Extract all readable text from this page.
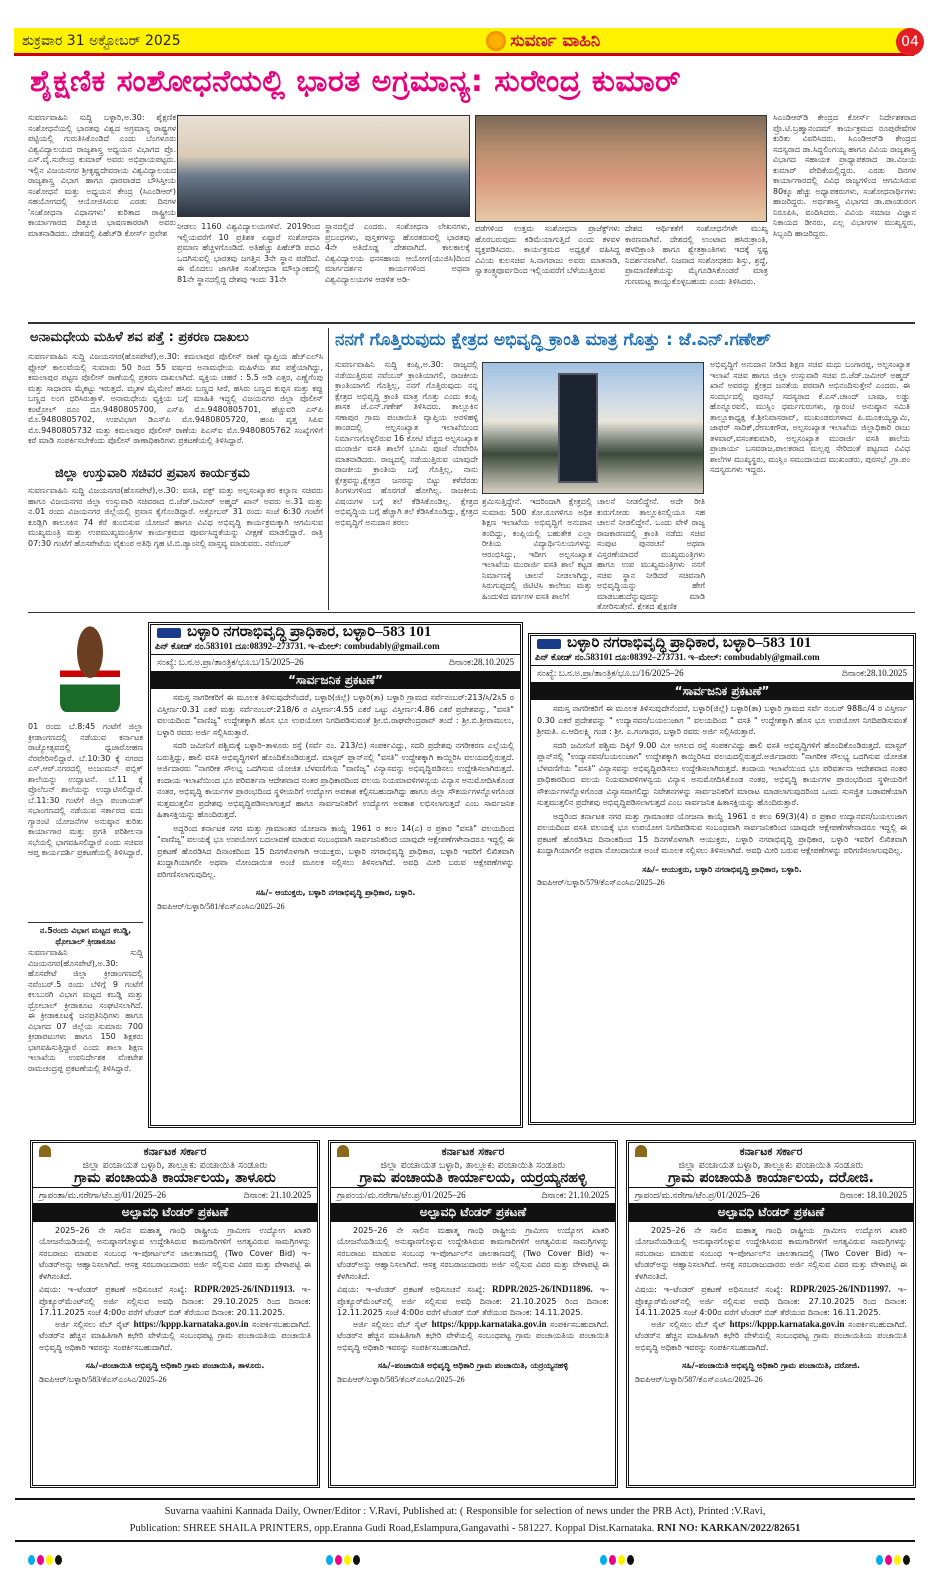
ಶುಕ್ರವಾರ 31 ಅಕ್ಟೋಬರ್ 2025	ಸುವರ್ಣ ವಾಹಿನಿ	04
ಶೈಕ್ಷಣಿಕ ಸಂಶೋಧನೆಯಲ್ಲಿ ಭಾರತ ಅಗ್ರಮಾನ್ಯ: ಸುರೇಂದ್ರ ಕುಮಾರ್
ಸುವರ್ಣವಾಹಿನಿ ಸುದ್ದಿ ಬಳ್ಳಾರಿ,ಅ.30: ಶೈಕ್ಷಣಿಕ ಸಂಶೋಧನೆಯಲ್ಲಿ ಭಾರತವು ವಿಶ್ವದ ಅಗ್ರಮಾನ್ಯ ರಾಷ್ಟ್ರಗಳ ಪಟ್ಟಿಯಲ್ಲಿ ಗುರುತಿಸಿಕೊಂಡಿದೆ ಎಂದು ಬೆಂಗಳೂರು ವಿಶ್ವವಿದ್ಯಾಲಯದ ರಾಜ್ಯಶಾಸ್ತ್ರ ಅಧ್ಯಯನ ವಿಭಾಗದ ಪ್ರೊ. ಎಸ್.ವೈ.ಸುರೇಂದ್ರ ಕುಮಾರ್ ಅವರು ಅಭಿಪ್ರಾಯಪಟ್ಟರು. ಇಲ್ಲಿನ ವಿಜಯನಗರ ಶ್ರೀಕೃಷ್ಣದೇವರಾಯ ವಿಶ್ವವಿದ್ಯಾಲಯದ ರಾಜ್ಯಶಾಸ್ತ್ರ ವಿಭಾಗ ಹಾಗೂ ಧಾರವಾಡದ ಬೌಸಿಸ್ತೀಯ ಸಂಶೋಧನೆ ಮತ್ತು ಅಧ್ಯಯನ ಕೇಂದ್ರ (ಸಿಎಂಡಿಆರ್) ಸಹಯೋಗದಲ್ಲಿ ಆಯೋಜಿಸಿರುವ ಎರಡು ದಿನಗಳ 'ಸಂಶೋಧನಾ ವಿಧಾನಗಳು' ಕುರಿತಾದ ರಾಷ್ಟ್ರೀಯ ಕಾರ್ಯಾಗಾರದ ದಿಕ್ಸೂಚಿ ಭಾಷಣಕಾರರಾಗಿ ಅವರು ಮಾತನಾಡಿದರು. ದೇಶದಲ್ಲಿ ಪಿಹೆಚ್‌ಡಿ ಕೋರ್ಸ್ ಪ್ರವೇಶ
ನೀಡಲು 1160 ವಿಶ್ವವಿದ್ಯಾಲಯಗಳಿವೆ. 2019ರಿಂದ ಇಲ್ಲಿಯವರೆಗೆ 10 ಪ್ರತಿಶತ ಏಷ್ಟಾರೆ ಸಂಶೋಧನಾ ಪ್ರಮಾಣ ಹೆಚ್ಚಳಗೊಂಡಿದೆ. ಅತಿಹೆಚ್ಚು ಪಿಹೆಚ್‌ಡಿ ಪದವಿ ಒದಗಿಸುವಲ್ಲಿ ಭಾರತವು ಜಗತ್ತಿನ 3ನೇ ಸ್ಥಾನ ಪಡೆದಿದೆ. ಈ ಮೊದಲು ಜಾಗತಿಕ ಸಂಶೋಧನಾ ಮೌಲ್ಯಾಂಕದಲ್ಲಿ 81ನೇ ಸ್ಥಾನದಲ್ಲಿದ್ದ ದೇಶವು ಇಂದು 31ನೇ
ಸ್ಥಾನದಲ್ಲಿದೆ ಎಂದರು. ಸಂಶೋಧನಾ ಲೇಖನಗಳು, ಪ್ರಬಂಧಗಳು, ಪುಸ್ತಕಗಳನ್ನು ಹೊರತರುವಲ್ಲಿ ಭಾರತವು 4ನೇ ಅತಿದೊಡ್ಡ ದೇಶವಾಗಿದೆ. ಕಾಲಕಾಲಕ್ಕೆ ವಿಶ್ವವಿದ್ಯಾಲಯ ಧನಸಹಾಯ ಆಯೋಗ(ಯುಜಿಸಿ)ದಿಂದ ಮಾರ್ಗದರ್ಶನ ಕಾರ್ಯಗಳಿಂದ ಅಥವಾ ವಿಶ್ವವಿದ್ಯಾಲಯಗಳ ಆಡಳಿತ ಅಡಿ-
ಪಡೆಗಳಿಂದ ಉತ್ತಮ ಸಂಶೋಧನಾ ಪ್ರಾಜೆಕ್ಟ್‌ಗಳು ಹೊರಬರುವುದು ಕಡಿಮೆಯಾಗುತ್ತಿದೆ ಎಂದು ಕಳವಳ ವ್ಯಕ್ತಪಡಿಸಿದರು. ಕಾರ್ಯಕ್ರಮದ ಅಧ್ಯಕ್ಷತೆ ವಹಿಸಿದ್ದ ವಿವಿಯ ಕುಲಸಚಿವ ಸಿ.ನಾಗರಾಜು ಅವರು ಮಾತನಾಡಿ, ಸ್ವಾತಂತ್ರ್ಯಪೂರ್ವದಿಂದ ಇಲ್ಲಿಯವರೆಗೆ ಬೆಳೆಯುತ್ತಿರುವ
ದೇಶದ ಆರ್ಥಿಕತೆಗೆ ಸಂಶೋಧನೆಗಳೇ ಮುಖ್ಯ ಕಾರಣವಾಗಿವೆ. ದೇಶದಲ್ಲಿ ಉಂಟಾದ ಹಸಿರುಕ್ರಾಂತಿ, ಹಳದಿಕ್ರಾಂತಿ ಹಾಗೂ ಶ್ವೇತಕ್ರಾಂತಿಗಳು ಇದಕ್ಕೆ ಸ್ಪಷ್ಟ ನಿದರ್ಶನವಾಗಿವೆ. ನಿಜವಾದ ಸಂಶೋಧಕರು ಶಿಸ್ತು, ಶ್ರದ್ಧೆ, ಪ್ರಾಮಾಣಿಕತೆಯನ್ನು ಮೈಗೂಡಿಸಿಕೊಂಡರೆ ಮಾತ್ರ ಗುಣಮಟ್ಟ ಕಾಯ್ದುಕೊಳ್ಳಬಹುದು ಎಂದು ತಿಳಿಸಿದರು.
ಸಿಎಂಡಿಆರ್‌ಡಿ ಕೇಂದ್ರದ ಕೋರ್ಸ್ ನಿರ್ದೇಶಕರಾದ ಪ್ರೊ.ಟಿ.ಬ್ರಹ್ಮಾನಂದಮ್ ಕಾರ್ಯಕ್ರಮದ ರೂಪುರೇಷೆಗಳ ಕುರಿತು ವಿವರಿಸಿದರು. ಸಿಎಂಡಿಆರ್‌ಡಿ ಕೇಂದ್ರದ ಸದಸ್ಯರಾದ ಡಾ.ಸಿದ್ಧಲಿಂಗಯ್ಯ ಹಾಗೂ ವಿವಿಯ ರಾಜ್ಯಶಾಸ್ತ್ರ ವಿಭಾಗದ ಸಹಾಯಕ ಪ್ರಾಧ್ಯಾಪಕರಾದ ಡಾ.ವಿಜಯ ಕುಮಾರ್ ವೇದಿಕೆಯಲ್ಲಿದ್ದರು. ಎರಡು ದಿನಗಳ ಕಾರ್ಯಾಗಾರದಲ್ಲಿ ವಿವಿಧ ರಾಜ್ಯಗಳಿಂದ ಆಗಮಿಸಿರುವ 80ಕ್ಕೂ ಹೆಚ್ಚು ಅಧ್ಯಾಪಕರುಗಳು, ಸಂಶೋಧನಾರ್ಥಿಗಳು ಹಾಜರಿದ್ದರು. ಅರ್ಥಶಾಸ್ತ್ರ ವಿಭಾಗದ ಡಾ.ಪಾಂಡುರಂಗ ನಿರೂಪಿಸಿ, ವಂದಿಸಿದರು. ವಿವಿಯ ಸಮಾಜ ವಿಜ್ಞಾನ ನಿಕಾಯದ ಡೀನರು, ಎಲ್ಲ ವಿಭಾಗಗಳ ಮುಖ್ಯಸ್ಥರು, ಸಿಬ್ಬಂದಿ ಹಾಜರಿದ್ದರು.
ಅನಾಮಧೇಯ ಮಹಿಳೆ ಶವ ಪತ್ತೆ : ಪ್ರಕರಣ ದಾಖಲು
ಸುವರ್ಣವಾಹಿನಿ ಸುದ್ದಿ ವಿಜಯನಗರ(ಹೊಸಪೇಟೆ),ಅ.30: ಕಮಲಾಪುರ ಪೊಲೀಸ್ ಠಾಣೆ ವ್ಯಾಪ್ತಿಯ ಹೆಚ್‌ಎಲ್‌ಸಿ ಫ್ಲೋರ್ ಕಾಲುವೆಯಲ್ಲಿ ಸುಮಾರು 50 ರಿಂದ 55 ವರ್ಷದ ಅನಾಮಧೇಯ ಮಹಿಳೆಯ ಶವ ಪತ್ತೆಯಾಗಿದ್ದು, ಕಮಲಾಪುರ ಪಟ್ಟಣ ಪೊಲೀಸ್ ಠಾಣೆಯಲ್ಲಿ ಪ್ರಕರಣ ದಾಖಲಾಗಿದೆ. ವ್ಯಕ್ತಿಯ ಚಹರೆ : 5.5 ಅಡಿ ಎತ್ತರ, ಎಣ್ಣೆಗೆಂಪು ಮತ್ತು ಸಾಧಾರಣ ಮೈಕಟ್ಟು ಇರುತ್ತದೆ. ಮೃತಳ ಮೈಮೇಲೆ ಹಸಿರು ಬಣ್ಣದ ಸೀರೆ, ಹಸಿರು ಬಣ್ಣದ ಕುಪ್ಪಸ ಮತ್ತು ಕಪ್ಪು ಬಣ್ಣದ ಲಂಗ ಧರಿಸಿರುತ್ತಾಳೆ. ಅನಾಮಧೇಯ ವ್ಯಕ್ತಿಯ ಬಗ್ಗೆ ಮಾಹಿತಿ ಇದ್ದಲ್ಲಿ ವಿಜಯನಗರ ಜಿಲ್ಲಾ ಪೊಲೀಸ್ ಕಂಟ್ರೋಲ್ ರೂಂ ದೂ.9480805700, ಎಸ್‌ಪಿ ಮೊ.9480805701, ಹೆಚ್ಚುವರಿ ಎಸ್‌ಪಿ ಮೊ.9480805702, ಉಪವಿಭಾಗ ಡಿಎಸ್‌ಪಿ ಮೊ.9480805720, ಹಂಪಿ ವೃತ್ತ ಸಿಪಿಐ ಮೊ.9480805732 ಮತ್ತು ಕಮಲಾಪುರ ಪೊಲೀಸ್ ಠಾಣೆಯ ಪಿಎಸ್‌ಐ ಮೊ.9480805762 ಸಂಖ್ಯೆಗಳಿಗೆ ಕರೆ ಮಾಡಿ ಸಂಪರ್ಕಿಸಬೇಕೆಂದು ಪೊಲೀಸ್ ಠಾಣಾಧಿಕಾರಿಗಳು ಪ್ರಕಟಣೆಯಲ್ಲಿ ತಿಳಿಸಿದ್ದಾರೆ.
ಜಿಲ್ಲಾ ಉಸ್ತುವಾರಿ ಸಚಿವರ ಪ್ರವಾಸ ಕಾರ್ಯಕ್ರಮ
ಸುವರ್ಣವಾಹಿನಿ ಸುದ್ದಿ ವಿಜಯನಗರ(ಹೊಸಪೇಟೆ),ಅ.30: ವಸತಿ, ವಕ್ಫ್ ಮತ್ತು ಅಲ್ಪಸಂಖ್ಯಾತರ ಕಲ್ಯಾಣ ಸಚಿವರು ಹಾಗೂ ವಿಜಯನಗರ ಜಿಲ್ಲಾ ಉಸ್ತುವಾರಿ ಸಚಿವರಾದ ಬಿ.ಜೆಡ್.ಜಮೀರ್ ಅಹ್ಮದ್ ಖಾನ್ ಅವರು ಅ.31 ಮತ್ತು ನ.01 ರಂದು ವಿಜಯನಗರ ಜಿಲ್ಲೆಯಲ್ಲಿ ಪ್ರವಾಸ ಕೈಗೊಂಡಿದ್ದಾರೆ. ಅಕ್ಟೋಬರ್ 31 ರಂದು ಸಂಜೆ 6:30 ಗಂಟೆಗೆ ಕೂಡ್ಲಿಗಿ ತಾಲೂಕಿನ 74 ಕೆರೆ ತುಂಬಿಸುವ ಯೋಜನೆ ಹಾಗೂ ವಿವಿಧ ಅಭಿವೃದ್ಧಿ ಕಾರ್ಯಕ್ರಮಕ್ಕಾಗಿ ಆಗಮಿಸುವ ಮುಖ್ಯಮಂತ್ರಿ ಮತ್ತು ಉಪಮುಖ್ಯಮಂತ್ರಿಗಳ ಕಾರ್ಯಕ್ರಮದ ಪೂರ್ವಸಿದ್ಧತೆಯನ್ನು ವೀಕ್ಷಣೆ ಮಾಡಲಿದ್ದಾರೆ. ರಾತ್ರಿ 07:30 ಗಂಟೆಗೆ ಹೊಸಪೇಟೆಯ ವೈಕುಂಠ ಅತಿಥಿ ಗೃಹ ಟಿ.ಬಿ.ಡ್ಯಾಂನಲ್ಲಿ ವಾಸ್ತವ್ಯ ಮಾಡುವರು. ನವೆಂಬರ್
ನನಗೆ ಗೊತ್ತಿರುವುದು ಕ್ಷೇತ್ರದ ಅಭಿವೃದ್ಧಿ ಕ್ರಾಂತಿ ಮಾತ್ರ ಗೊತ್ತು : ಜೆ.ಎನ್.ಗಣೇಶ್
ಸುವರ್ಣವಾಹಿನಿ ಸುದ್ದಿ ಕಂಪ್ಲಿ,ಅ.30: ರಾಜ್ಯದಲ್ಲಿ ನಡೆಯುತ್ತಿರುವ ನವೆಂಬರ್ ಕ್ರಾಂತಿಯಾಗಲಿ, ರಾಜಕೀಯ ಕ್ರಾಂತಿಯಾಗಲಿ ಗೊತ್ತಿಲ್ಲ, ನನಗೆ ಗೊತ್ತಿರುವುದು ನನ್ನ ಕ್ಷೇತ್ರದ ಅಭಿವೃದ್ಧಿ ಕ್ರಾಂತಿ ಮಾತ್ರ ಗೊತ್ತು ಎಂದು ಕಂಪ್ಲಿ ಶಾಸಕ ಜೆ.ಎನ್.ಗಣೇಶ್ ತಿಳಿಸಿದರು. ತಾಲ್ಲೂಕಿನ ಸಣಾಪುರ ಗ್ರಾಮ ಪಂಚಾಯಿತಿ ವ್ಯಾಪ್ತಿಯ ಅರಳಿಹಳ್ಳಿ ತಾಂಡದಲ್ಲಿ ಅಲ್ಪಸಂಖ್ಯಾತ ಇಲಾಖೆಯಿಂದ ನಿರ್ಮಾಣಗೊಳ್ಳಲಿರುವ 16 ಕೋಟಿ ವೆಚ್ಚದ ಅಲ್ಪಸಂಖ್ಯಾತ ಮುರಾರ್ಜಿ ವಸತಿ ಶಾಲೆಗೆ ಭೂಮಿ ಪೂಜೆ ನೆರವೇರಿಸಿ ಮಾತನಾಡಿದರು. ರಾಜ್ಯದಲ್ಲಿ ನಡೆಯುತ್ತಿರುವ ಯಾವುದೇ ರಾಜಕೀಯ ಕ್ರಾಂತಿಯ ಬಗ್ಗೆ ಗೊತ್ತಿಲ್ಲ, ನಾನು ಕ್ಷೇತ್ರವನ್ನು,ಕ್ಷೇತ್ರದ ಜನರನ್ನು ಬಿಟ್ಟು ಕಳೆದೆರಡು ತಿಂಗಳುಗಳಿಂದ ಹೊರಗಡೆ ಹೋಗಿಲ್ಲ. ರಾಜಕೀಯ ವಿಷಯಗಳ ಬಗ್ಗೆ ತಲೆ ಕೆಡಿಸಿಕೊಂಡಿಲ್ಲ. ಕ್ಷೇತ್ರದ ಅಭಿವೃದ್ಧಿಯ ಬಗ್ಗೆ ಹೆಚ್ಚಾಗಿ ತಲೆ ಕೆಡಿಸಿಕೊಂಡಿದ್ದು, ಕ್ಷೇತ್ರದ ಅಭಿವೃದ್ಧಿಗೆ ಅನುದಾನ ತರಲು
ಶ್ರಮಿಸುತ್ತಿದ್ದೇನೆ. ಇದರಿಂದಾಗಿ ಕ್ಷೇತ್ರದಲ್ಲಿ ಸುಮಾರು 500 ಕೋ.ರೂಗಳಿಗೂ ಅಧಿಕ ಶಿಕ್ಷಣ ಇಲಾಖೆಯ ಅಭಿವೃದ್ಧಿಗೆ ಅನುದಾನ ತಂದಿದ್ದು, ಕಂಪ್ಲಿಯಲ್ಲಿ ಬಹುತೇಕ ಎಲ್ಲಾ ರೀತಿಯ ವಿದ್ಯಾರ್ಥಿನಿಲಯಗಳನ್ನು ಆರಂಭಿಸಿದ್ದು, ಇದೀಗ ಅಲ್ಪಸಂಖ್ಯಾತ ಇಲಾಖೆಯ ಮುರಾರ್ಜಿ ವಸತಿ ಶಾಲೆ ಕಟ್ಟಡ ನಿರ್ಮಾಣಕ್ಕೆ ಚಾಲನೆ ನೀಡಲಾಗಿದ್ದು, ಸಿರುಗುಪ್ಪದಲ್ಲಿ ಜಿಟಿಟಿಸಿ ಕಾಲೇಜು ಮತ್ತು ಹಿಂದುಳಿದ ವರ್ಗಗಳ ವಸತಿ ಶಾಲೆಗೆ
ಚಾಲನೆ ನೀಡಲಿದ್ದೇನೆ. ಅದೇ ರೀತಿ ಕುರುಗೋಡು ತಾಲ್ಲೂಕಿನಲ್ಲಿಯೂ ಸಹ ಚಾಲನೆ ನೀಡಲಿದ್ದೇನೆ. ಒಂದು ವೇಳೆ ರಾಜ್ಯ ರಾಜಕಾರಣದಲ್ಲಿ ಕ್ರಾಂತಿ ನಡೆದು ಸಚಿವ ಸಂಪುಟ ಪುನರಚನೆ ಅಥವಾ ವಿಸ್ತರಣೆಯಾದರೆ ಮುಖ್ಯಮಂತ್ರಿಗಳು ಹಾಗೂ ಉಪ ಮುಖ್ಯಮಂತ್ರಿಗಳು ನನಗೆ ಸಚಿವ ಸ್ಥಾನ ನೀಡಿದರೆ ಸಚಿವನಾಗಿ ಅಭಿವೃದ್ಧಿಯನ್ನು ಹೇಗೆ ಮಾಡಬಹುದೆನ್ನುವುದನ್ನು ಮಾಡಿ ತೋರಿಸುತ್ತೇನೆ. ಕ್ಷೇತ್ರದ ಶೈಕ್ಷಣಿಕ
ಅಭಿವೃದ್ಧಿಗೆ ಅನುದಾನ ನೀಡಿದ ಶಿಕ್ಷಣ ಸಚಿವ ಮಧು ಬಂಗಾರಪ್ಪ, ಅಲ್ಪಸಂಖ್ಯಾತ ಇಲಾಖೆ ಸಚಿವ ಹಾಗೂ ಜಿಲ್ಲಾ ಉಸ್ತುವಾರಿ ಸಚಿವ ಬಿ.ಜೆಡ್.ಜಮೀರ್ ಅಹ್ಮದ್ ಖಾನೆ ಅವರನ್ನು ಕ್ಷೇತ್ರದ ಜನತೆಯ ಪರವಾಗಿ ಅಭಿನಂದಿಸುತ್ತೇನೆ ಎಂದರು. ಈ ಸಂದರ್ಭದಲ್ಲಿ ಪುರಸಭೆ ಸದಸ್ಯರಾದ ಕೆ.ಎಸ್.ಚಾಂದ್ ಬಾಷಾ, ಲಡ್ಡು ಹೊನ್ನೂರವಲಿ, ಮುಸ್ಲಿಂ ಧರ್ಮಗುರುಗಳು, ಗ್ಯಾರಂಟಿ ಅನುಷ್ಠಾನ ಸಮಿತಿ ತಾಲ್ಲೂಕಾಧ್ಯಕ್ಷ ಕೆ.ಶ್ರೀನಿವಾಸರಾವ್, ಮುಖಂಡರುಗಳಾದ ಪಿ.ಮೂಕಯ್ಯಸ್ವಾಮಿ, ಜಾಫರ್ ಸಾದಿಕ್,ರೇಣುಕಗೌಡ, ಅಲ್ಪಸಂಖ್ಯಾತ ಇಲಾಖೆಯ ಜಿಲ್ಲಾಧಿಕಾರಿ ರಾಜು ತಳವಾರ್,ವಸಂತಕುಮಾರಿ, ಅಲ್ಪಸಂಖ್ಯಾತ ಮುರಾರ್ಜಿ ವಸತಿ ಶಾಲೆಯ ಪ್ರಾಚಾರ್ಯ ಬಸವರಾಜ,ಪಾಲಕರಾದ ಮಲ್ಲಪ್ಪ ಸೇರಿದಂತೆ ಪಟ್ಟಣದ ವಿವಿಧ ಶಾಲೆಗಳ ಮುಖ್ಯಸ್ಥರು, ಮುಸ್ಲಿಂ ಸಮುದಾಯದ ಮುಖಂಡರು, ಪುರಸಭೆ ,ಗ್ರಾ.ಪಂ ಸದಸ್ಯರುಗಳು ಇದ್ದರು.
01 ರಂದು ಬೆ.8:45 ಗಂಟೆಗೆ ಜಿಲ್ಲಾ ಕ್ರೀಡಾಂಗಣದಲ್ಲಿ ನಡೆಯುವ ಕರ್ನಾಟಕ ರಾಜ್ಯೋತ್ಸವದಲ್ಲಿ ಧ್ವಜಾರೋಹಣ ನೆರವೇರಿಸಲಿದ್ದಾರೆ. ಬೆ.10:30 ಕ್ಕೆ ನಗರದ ಎಸ್.ಆರ್.ನಗರದಲ್ಲಿ ಅಂಜುಮನ್ ಪಬ್ಲಿಕ್ ಶಾಲೆಯನ್ನು ಉದ್ಘಾಟನೆ. ಬೆ.11 ಕ್ಕೆ ಪ್ರೊಲೆಬನ್ ಶಾಲೆಯನ್ನು ಉದ್ಘಾಟಿಸಲಿದ್ದಾರೆ. ಬೆ.11:30 ಗಂಟೆಗೆ ಜಿಲ್ಲಾ ಪಂಚಾಯತ್ ಸಭಾಂಗಣದಲ್ಲಿ ನಡೆಯುವ ಸರ್ಕಾರದ ಐದು ಗ್ಯಾರಂಟಿ ಯೋಜನೆಗಳ ಅನುಷ್ಠಾನ ಕುರಿತು ಕಾರ್ಯಾಗಾರ ಮತ್ತು ಪ್ರಗತಿ ಪರಿಶೀಲನಾ ಸಭೆಯಲ್ಲಿ ಭಾಗವಹಿಸಲಿದ್ದಾರೆ ಎಂದು ಸಚಿವರ ಆಪ್ತ ಕಾರ್ಯದರ್ಶಿ ಪ್ರಕಟಣೆಯಲ್ಲಿ ತಿಳಿಸಿದ್ದಾರೆ.
ನ.5ರಂದು ವಿಭಾಗ ಮಟ್ಟದ ಕಬಡ್ಡಿ, ಥ್ರೋಬಾಲ್ ಕ್ರೀಡಾಕೂಟ
ಸುವರ್ಣವಾಹಿನಿ ಸುದ್ದಿ ವಿಜಯನಗರ(ಹೊಸಪೇಟೆ),ಅ.30: ಹೊಸಪೇಟೆ ಜಿಲ್ಲಾ ಕ್ರೀಡಾಂಗಣದಲ್ಲಿ ನವೆಂಬರ್.5 ರಂದು ಬೆಳಿಗ್ಗೆ 9 ಗಂಟೆಗೆ ಕಲಬುರಗಿ ವಿಭಾಗ ಮಟ್ಟದ ಕಬಡ್ಡಿ ಮತ್ತು ಥ್ರೋಬಾಲ್ ಕ್ರೀಡಾಕೂಟ ಸಂಘಟಿಸಲಾಗಿದೆ. ಈ ಕ್ರೀಡಾಕೂಟಕ್ಕೆ ಜನಪ್ರತಿನಿಧಿಗಳು ಹಾಗೂ ವಿಭಾಗದ 07 ಜಿಲ್ಲೆಯ ಸುಮಾರು 700 ಕ್ರೀಡಾಪಟುಗಳು ಹಾಗೂ 150 ಶಿಕ್ಷಕರು ಭಾಗವಹಿಸುತ್ತಿದ್ದಾರೆ ಎಂದು ಶಾಲಾ ಶಿಕ್ಷಣ ಇಲಾಖೆಯ ಉಪನಿರ್ದೇಶಕ ವೆಂಕಟೇಶ ರಾಮಚಂದ್ರಪ್ಪ ಪ್ರಕಟಣೆಯಲ್ಲಿ ತಿಳಿಸಿದ್ದಾರೆ.
ಬಳ್ಳಾರಿ ನಗರಾಭಿವೃದ್ಧಿ ಪ್ರಾಧಿಕಾರ, ಬಳ್ಳಾರಿ–583 101
ಪಿನ್ ಕೋಡ್ ನಂ.583101 ದೂ:08392–273731. ಇ–ಮೇಲ್: combudably@gmail.com
ಸಂಖ್ಯೆ: ಬ.ನ.ಅ.ಪ್ರಾ/ತಾಂತ್ರಿಕ/ಭೂ.ಬ/15/2025–26	ದಿನಾಂಕ:28.10.2025
“ಸಾರ್ವಜನಿಕ ಪ್ರಕಟಣೆ”

ಸಮಸ್ತ ನಾಗರೀಕರಿಗೆ ಈ ಮೂಲಕ ತಿಳಿಸುವುದೇನೆಂದರೆ, ಬಳ್ಳಾರಿ(ಜಿಲ್ಲೆ) ಬಳ್ಳಾರಿ(ತಾ) ಬಳ್ಳಾರಿ ಗ್ರಾಮದ ಸರ್ವೆನಂಬರ್:213/ಸಿ/2ಸಿ5 ರ ವಿಸ್ತೀರ್ಣ:0.31 ಎಕರೆ ಮತ್ತು ಸರ್ವೆನಂಬರ್:218/6 ರ ವಿಸ್ತೀರ್ಣ:4.55 ಎಕರೆ ಒಟ್ಟು ವಿಸ್ತೀರ್ಣ:4.86 ಎಕರೆ ಪ್ರದೇಶವನ್ನು, "ವಸತಿ" ವಲಯದಿಂದ "ವಾಣಿಜ್ಯ" ಉದ್ದೇಶಕ್ಕಾಗಿ ಹೊಸ ಭೂ ಉಪಯೋಗ ನಿಗದಿಪಡಿಸುವಂತೆ ಶ್ರೀ.ಬಿ.ರಾಘವೇಂದ್ರರಾವ್ ತಂದೆ : ಶ್ರೀ.ಬಿ.ಶ್ರೀರಾಮುಲು, ಬಳ್ಳಾರಿ ರವರು ಅರ್ಜಿ ಸಲ್ಲಿಸಿರುತ್ತಾರೆ.

ಸದರಿ ಜಮೀನಿಗೆ ಪಶ್ಚಿಮಕ್ಕೆ ಬಳ್ಳಾರಿ–ತಾಳೂರು ರಸ್ತೆ (ಸರ್ವೆ ನಂ. 213/ಬಿ) ಸಂಪರ್ಕವಿದ್ದು, ಸದರಿ ಪ್ರದೇಶವು ನಗರೀಕರಣ ಎಲ್ಲೆಯಲ್ಲಿ ಬರುತ್ತಿದ್ದು, ಹಾಲಿ ವಸತಿ ಅಭಿವೃದ್ಧಿಗಳಿಗೆ ಹೊಂದಿಕೊಂಡಿರುತ್ತದೆ. ಮಾಸ್ಟರ್ ಪ್ಲಾನ್‌ನಲ್ಲಿ "ವಸತಿ" ಉದ್ದೇಶಕ್ಕಾಗಿ ಕಾಯ್ದಿರಿಸಿ ವಲಯದಲ್ಲಿರುತ್ತದೆ. ಅರ್ಜಿದಾರರು "ನಾಗರೀಕ ಸೌಲಭ್ಯ ಒದಗಿಸುವ ಯೋಜಿತ ಬೆಳವಣಿಗೆಯ "ವಾಣಿಜ್ಯ" ವಿನ್ಯಾಸವನ್ನು ಅಭಿವೃದ್ಧಿಪಡಿಸಲು ಉದ್ದೇಶಿಸಲಾಗಿರುತ್ತದೆ. ಕಂದಾಯ ಇಲಾಖೆಯಿಂದ ಭೂ ಪರಿವರ್ತನಾ ಆದೇಶವಾದ ನಂತರ ಪ್ರಾಧಿಕಾರದಿಂದ ವಲಯ ನಿಯಮಾವಳಿಗಳನ್ವಯ ವಿನ್ಯಾಸ ಅನುಮೋದಿಸಿಕೊಂಡ ನಂತರ, ಅಭಿವೃದ್ಧಿ ಕಾರ್ಯಗಳ ಪ್ರಾರಂಭದಿಂದ ಸ್ಥಳೀಯರಿಗೆ ಉದ್ಯೋಗ ಅವಕಾಶ ಕಲ್ಪಿಸಬಹುದಾಗಿದ್ದು ಹಾಗೂ ಜಿಲ್ಲಾ ಸೌಕರ್ಯಗಳನ್ನೊಳಗೊಂಡ ಸುತ್ತಮುತ್ತಲಿನ ಪ್ರದೇಶವು ಅಭಿವೃದ್ಧಿಪಡಿಸಲಾಗುತ್ತದೆ ಹಾಗೂ ಸಾರ್ವಜನಿಕರಿಗೆ ಉದ್ಯೋಗ ಅವಕಾಶ ಲಭಿಸಲಾಗುತ್ತದೆ ಎಂಬ ಸಾರ್ವಜನಿಕ ಹಿತಾಸಕ್ತಿಯನ್ನು ಹೊಂದಿರುತ್ತದೆ.

ಅದ್ದರಿಂದ ಕರ್ನಾಟಕ ನಗರ ಮತ್ತು ಗ್ರಾಮಾಂತರ ಯೋಜನಾ ಕಾಯ್ದೆ 1961 ರ ಕಲಂ 14(ಎ) ರ ಪ್ರಕಾರ "ವಸತಿ" ವಲಯದಿಂದ "ವಾಣಿಜ್ಯ" ವಲಯಕ್ಕೆ ಭೂ ಉಪಯೋಗ ಬದಲಾವಣೆ ಮಾಡುವ ಸಂಬಂಧವಾಗಿ ಸಾರ್ವಜನಿಕರಿಂದ ಯಾವುದೇ ಆಕ್ಷೇಪಣೆಗಳೇನಾದರೂ ಇದ್ದಲ್ಲಿ ಈ ಪ್ರಕಟಣೆ ಹೊರಡಿಸಿದ ದಿನಾಂಕದಿಂದ 15 ದಿನಗಳೊಳಗಾಗಿ ಆಯುಕ್ತರು, ಬಳ್ಳಾರಿ ನಗರಾಭಿವೃದ್ಧಿ ಪ್ರಾಧಿಕಾರ, ಬಳ್ಳಾರಿ ಇವರಿಗೆ ಲಿಖಿತವಾಗಿ ಖುದ್ದಾಗಿಯಾಗಲೀ ಅಥವಾ ನೋಂದಾಯಿತ ಅಂಚೆ ಮೂಲಕ ಸಲ್ಲಿಸಲು ತಿಳಿಸಲಾಗಿದೆ. ಅವಧಿ ಮೀರಿ ಬರುವ ಆಕ್ಷೇಪಣೆಗಳನ್ನು ಪರಿಗಣಿಸಲಾಗುವುದಿಲ್ಲ.

ಸಹಿ/– ಆಯುಕ್ತರು, ಬಳ್ಳಾರಿ ನಗರಾಭಿವೃದ್ಧಿ ಪ್ರಾಧಿಕಾರ, ಬಳ್ಳಾರಿ.
ಡಿಐಪಿಆರ್/ಬಳ್ಳಾರಿ/581/ಕೆಎಸ್‌ಎಂಸಿಎ/2025–26
ಬಳ್ಳಾರಿ ನಗರಾಭಿವೃದ್ಧಿ ಪ್ರಾಧಿಕಾರ, ಬಳ್ಳಾರಿ–583 101
ಪಿನ್ ಕೋಡ್ ನಂ.583101 ದೂ:08392–273731. ಇ–ಮೇಲ್: combudably@gmail.com
ಸಂಖ್ಯೆ: ಬ.ನ.ಅ.ಪ್ರಾ/ತಾಂತ್ರಿಕ/ಭೂ.ಬ/16/2025–26	ದಿನಾಂಕ:28.10.2025
“ಸಾರ್ವಜನಿಕ ಪ್ರಕಟಣೆ”

ಸಮಸ್ತ ನಾಗರೀಕರಿಗೆ ಈ ಮೂಲಕ ತಿಳಿಸುವುದೇನೆಂದರೆ, ಬಳ್ಳಾರಿ(ಜಿಲ್ಲೆ) ಬಳ್ಳಾರಿ(ತಾ) ಬಳ್ಳಾರಿ ಗ್ರಾಮದ ಸರ್ವೆ ನಂಬರ್ 988ಎ/4 ರ ವಿಸ್ತೀರ್ಣ 0.30 ಎಕರೆ ಪ್ರದೇಶವನ್ನು " ಉದ್ಯಾನವನ/ಬಯಲುಜಾಗ " ವಲಯದಿಂದ " ವಸತಿ " ಉದ್ದೇಶಕ್ಕಾಗಿ ಹೊಸ ಭೂ ಉಪಯೋಗ ನಿಗದಿಪಡಿಸುವಂತೆ ಶ್ರೀಮತಿ. ಎ.ಆದಿಲಕ್ಷ್ಮಿ ಗಂಡ : ಶ್ರೀ. ಎ.ಗಂಗಾಧರ, ಬಳ್ಳಾರಿ ರವರು ಅರ್ಜಿ ಸಲ್ಲಿಸಿರುತ್ತಾರೆ.

ಸದರಿ ಜಮೀನಿಗೆ ಪಶ್ಚಿಮ ದಿಕ್ಕಿಗೆ 9.00 ಮೀ ಅಗಲದ ರಸ್ತೆ ಸಂಪರ್ಕವಿದ್ದು ಹಾಲಿ ವಸತಿ ಅಭಿವೃದ್ಧಿಗಳಿಗೆ ಹೊಂದಿಕೊಂಡಿರುತ್ತದೆ. ಮಾಸ್ಟರ್ ಪ್ಲಾನ್‌ನಲ್ಲಿ "ಉದ್ಯಾನವನ/ಬಯಲುಜಾಗ" ಉದ್ದೇಶಕ್ಕಾಗಿ ಕಾಯ್ದಿರಿಸಿದ ವಲಯದಲ್ಲಿರುತ್ತದೆ.ಅರ್ಜಿದಾರರು "ನಾಗರೀಕ ಸೌಲಭ್ಯ ಒದಗಿಸುವ ಯೋಜಿತ ಬೆಳವಣಿಗೆಯ "ವಸತಿ" ವಿನ್ಯಾಸವನ್ನು ಅಭಿವೃದ್ಧಿಪಡಿಸಲು ಉದ್ದೇಶಿಸಲಾಗಿರುತ್ತದೆ. ಕಂದಾಯ ಇಲಾಖೆಯಿಂದ ಭೂ ಪರಿವರ್ತನಾ ಆದೇಶವಾದ ನಂತರ ಪ್ರಾಧಿಕಾರದಿಂದ ವಲಯ ನಿಯಮಾವಳಿಗಳನ್ವಯ ವಿನ್ಯಾಸ ಅನುಮೋದಿಸಿಕೊಂಡ ನಂತರ, ಅಭಿವೃದ್ಧಿ ಕಾರ್ಯಗಳ ಪ್ರಾರಂಭದಿಂದ ಸ್ಥಳೀಯರಿಗೆ ಸೌಕರ್ಯಗಳನ್ನೊಳಗೊಂಡ ವಿನ್ಯಾಸವಾಗಲಿದ್ದು ನಿವೇಶನಗಳನ್ನು ಸಾರ್ವಜನಿಕರಿಗೆ ಮಾರಾಟ ಮಾಡಲಾಗುವುದರಿಂದ ಒಂದು ಸುಸಜ್ಜಿತ ಬಡಾವಣೆಯಾಗಿ ಸುತ್ತಮುತ್ತಲಿನ ಪ್ರದೇಶವು ಅಭಿವೃದ್ಧಿಪಡಿಸಲಾಗುತ್ತದೆ ಎಂಬ ಸಾರ್ವಜನಿಕ ಹಿತಾಸಕ್ತಿಯನ್ನು ಹೊಂದಿರುತ್ತಾರೆ.

ಅದ್ದರಿಂದ ಕರ್ನಾಟಕ ನಗರ ಮತ್ತು ಗ್ರಾಮಾಂತರ ಯೋಜನಾ ಕಾಯ್ದೆ 1961 ರ ಕಲಂ 69(3)(4) ರ ಪ್ರಕಾರ ಉದ್ಯಾನವನ/ಬಯಲುಜಾಗ ವಲಯದಿಂದ ವಸತಿ ವಲಯಕ್ಕೆ ಭೂ ಉಪಯೋಗ ನಿಗದಿಪಡಿಸುವ ಸಂಬಂಧವಾಗಿ ಸಾರ್ವಜನಿಕರಿಂದ ಯಾವುದೇ ಆಕ್ಷೇಪಣೆಗಳೇನಾದರೂ ಇದ್ದಲ್ಲಿ ಈ ಪ್ರಕಟಣೆ ಹೊರಡಿಸಿದ ದಿನಾಂಕದಿಂದ 15 ದಿನಗಳೊಳಗಾಗಿ ಆಯುಕ್ತರು, ಬಳ್ಳಾರಿ ನಗರಾಭಿವೃದ್ಧಿ ಪ್ರಾಧಿಕಾರ, ಬಳ್ಳಾರಿ ಇವರಿಗೆ ಲಿಖಿತವಾಗಿ ಖುದ್ದಾಗಿಯಾಗಲೀ ಅಥವಾ ನೋಂದಾಯಿತ ಅಂಚೆ ಮೂಲಕ ಸಲ್ಲಿಸಲು ತಿಳಿಸಲಾಗಿದೆ. ಅವಧಿ ಮೀರಿ ಬರುವ ಆಕ್ಷೇಪಣೆಗಳನ್ನು ಪರಿಗಣಿಸಲಾಗುವುದಿಲ್ಲ.

ಸಹಿ/– ಆಯುಕ್ತರು, ಬಳ್ಳಾರಿ ನಗರಾಭಿವೃದ್ಧಿ ಪ್ರಾಧಿಕಾರ, ಬಳ್ಳಾರಿ.
ಡಿಐಪಿಆರ್/ಬಳ್ಳಾರಿ/579/ಕೆಎಸ್‌ಎಂಸಿಎ/2025–26
ಕರ್ನಾಟಕ ಸರ್ಕಾರ
ಜಿಲ್ಲಾ ಪಂಚಾಯತ ಬಳ್ಳಾರಿ, ತಾಲ್ಲೂಕು ಪಂಚಾಯಿತಿ ಸಂಡೂರು
ಗ್ರಾಮ ಪಂಚಾಯತಿ ಕಾರ್ಯಾಲಯ, ತಾಳೂರು
ಗ್ರಾಪಂತಾ/ಮ.ನರೇಗಾ/ಟೆಂ.ಪ್ರ/01/2025–26	ದಿನಾಂಕ: 21.10.2025
ಅಲ್ಪಾವಧಿ ಟೆಂಡರ್ ಪ್ರಕಟಣೆ

2025–26 ನೇ ಸಾಲಿನ ಮಹಾತ್ಮ ಗಾಂಧಿ ರಾಷ್ಟ್ರೀಯ ಗ್ರಾಮೀಣ ಉದ್ಯೋಗ ಖಾತರಿ ಯೋಜನೆಯಡಿಯಲ್ಲಿ ಅನುಷ್ಠಾನಗೊಳ್ಳುವ ಉದ್ದೇಶಿಸಿರುವ ಕಾಮಗಾರಿಗಳಿಗೆ ಅಗತ್ಯವಿರುವ ಸಾಮಗ್ರಿಗಳನ್ನು ಸರಬರಾಜು ಮಾಡುವ ಸಂಬಂಧ ಇ–ಪೋರ್ಟಲ್‌ನ ಜಾಲತಾಣದಲ್ಲಿ (Two Cover Bid) ಇ–ಟೆಂಡರ್‌ಅನ್ನು ಆಹ್ವಾನಿಸಲಾಗಿದೆ. ಆಸಕ್ತ ಸರಬರಾಜುದಾರರು ಅರ್ಜಿ ಸಲ್ಲಿಸುವ ವಿವರ ಮತ್ತು ವೇಳಾಪಟ್ಟಿ ಈ ಕೆಳಗಿನಂತಿದೆ.

ವಿಷಯ: ಇ–ಟೆಂಡರ್ ಪ್ರಕಟಣೆ ಅಧಿಸೂಚನೆ ಸಂಖ್ಯೆ: RDPR/2025-26/IND11913. ಇ–ಪ್ರೊಕ್ಯೂರ್‌ಮೆಂಟ್‌ನಲ್ಲಿ ಅರ್ಜಿ ಸಲ್ಲಿಸುವ ಅವಧಿ ದಿನಾಂಕ: 29.10.2025 ರಿಂದ ದಿನಾಂಕ: 17.11.2025 ಸಂಜೆ 4:00ರ ವರೆಗೆ ಟೆಂಡರ್ ಬಿಡ್ ತೆರೆಯುವ ದಿನಾಂಕ: 20.11.2025.

ಅರ್ಜಿ ಸಲ್ಲಿಸಲು ವೆಬ್ ಸೈಟ್ https://kppp.karnataka.gov.in ಸಂಪರ್ಕಿಸಬಹುದಾಗಿದೆ. ಟೆಂಡರ್‌ನ ಹೆಚ್ಚಿನ ಮಾಹಿತಿಗಾಗಿ ಕಛೇರಿ ವೇಳೆಯಲ್ಲಿ ಸಂಬಂಧಪಟ್ಟ ಗ್ರಾಮ ಪಂಚಾಯತಿಯ ಪಂಚಾಯಿತಿ ಅಭಿವೃದ್ಧಿ ಅಧಿಕಾರಿ ಇವರನ್ನು ಸಂಪರ್ಕಿಸಬಹುದಾಗಿದೆ.

ಸಹಿ/–ಪಂಚಾಯಿತಿ ಅಭಿವೃದ್ಧಿ ಅಧಿಕಾರಿ ಗ್ರಾಮ ಪಂಚಾಯಿತಿ, ತಾಳೂರು.
ಡಿಐಪಿಆರ್/ಬಳ್ಳಾರಿ/583/ಕೆಎಸ್‌ಎಂಸಿಎ/2025–26
ಕರ್ನಾಟಕ ಸರ್ಕಾರ
ಜಿಲ್ಲಾ ಪಂಚಾಯತ ಬಳ್ಳಾರಿ, ತಾಲ್ಲೂಕು ಪಂಚಾಯಿತಿ ಸಂಡೂರು
ಗ್ರಾಮ ಪಂಚಾಯತಿ ಕಾರ್ಯಾಲಯ, ಯರ್ರಯ್ಯನಹಳ್ಳಿ
ಗ್ರಾಪಂಯ/ಮ.ನರೇಗಾ/ಟೆಂ.ಪ್ರ/01/2025–26	ದಿನಾಂಕ: 21.10.2025
ಅಲ್ಪಾವಧಿ ಟೆಂಡರ್ ಪ್ರಕಟಣೆ

2025–26 ನೇ ಸಾಲಿನ ಮಹಾತ್ಮ ಗಾಂಧಿ ರಾಷ್ಟ್ರೀಯ ಗ್ರಾಮೀಣ ಉದ್ಯೋಗ ಖಾತರಿ ಯೋಜನೆಯಡಿಯಲ್ಲಿ ಅನುಷ್ಠಾನಗೊಳ್ಳುವ ಉದ್ದೇಶಿಸಿರುವ ಕಾಮಗಾರಿಗಳಿಗೆ ಅಗತ್ಯವಿರುವ ಸಾಮಗ್ರಿಗಳನ್ನು ಸರಬರಾಜು ಮಾಡುವ ಸಂಬಂಧ ಇ–ಪೋರ್ಟಲ್‌ನ ಜಾಲತಾಣದಲ್ಲಿ (Two Cover Bid) ಇ–ಟೆಂಡರ್‌ಅನ್ನು ಆಹ್ವಾನಿಸಲಾಗಿದೆ. ಆಸಕ್ತ ಸರಬರಾಜುದಾರರು ಅರ್ಜಿ ಸಲ್ಲಿಸುವ ವಿವರ ಮತ್ತು ವೇಳಾಪಟ್ಟಿ ಈ ಕೆಳಗಿನಂತಿದೆ.

ವಿಷಯ: ಇ–ಟೆಂಡರ್ ಪ್ರಕಟಣೆ ಅಧಿಸೂಚನೆ ಸಂಖ್ಯೆ: RDPR/2025-26/IND11896. ಇ–ಪ್ರೊಕ್ಯೂರ್‌ಮೆಂಟ್‌ನಲ್ಲಿ ಅರ್ಜಿ ಸಲ್ಲಿಸುವ ಅವಧಿ ದಿನಾಂಕ: 21.10.2025 ರಿಂದ ದಿನಾಂಕ: 12.11.2025 ಸಂಜೆ 4:00ರ ವರೆಗೆ ಟೆಂಡರ್ ಬಿಡ್ ತೆರೆಯುವ ದಿನಾಂಕ: 14.11.2025.

ಅರ್ಜಿ ಸಲ್ಲಿಸಲು ವೆಬ್ ಸೈಟ್ https://kppp.karnataka.gov.in ಸಂಪರ್ಕಿಸಬಹುದಾಗಿದೆ. ಟೆಂಡರ್‌ನ ಹೆಚ್ಚಿನ ಮಾಹಿತಿಗಾಗಿ ಕಛೇರಿ ವೇಳೆಯಲ್ಲಿ ಸಂಬಂಧಪಟ್ಟ ಗ್ರಾಮ ಪಂಚಾಯತಿಯ ಪಂಚಾಯಿತಿ ಅಭಿವೃದ್ಧಿ ಅಧಿಕಾರಿ ಇವರನ್ನು ಸಂಪರ್ಕಿಸಬಹುದಾಗಿದೆ.

ಸಹಿ/–ಪಂಚಾಯಿತಿ ಅಭಿವೃದ್ಧಿ ಅಧಿಕಾರಿ ಗ್ರಾಮ ಪಂಚಾಯಿತಿ, ಯರ್ರಯ್ಯನಹಳ್ಳಿ
ಡಿಐಪಿಆರ್/ಬಳ್ಳಾರಿ/585/ಕೆಎಸ್‌ಎಂಸಿಎ/2025–26
ಕರ್ನಾಟಕ ಸರ್ಕಾರ
ಜಿಲ್ಲಾ ಪಂಚಾಯತ ಬಳ್ಳಾರಿ, ತಾಲ್ಲೂಕು ಪಂಚಾಯಿತಿ ಸಂಡೂರು
ಗ್ರಾಮ ಪಂಚಾಯತಿ ಕಾರ್ಯಾಲಯ, ದರೋಜಿ.
ಗ್ರಾಪಂದ/ಮ.ನರೇಗಾ/ಟೆಂ.ಪ್ರ/01/2025–26	ದಿನಾಂಕ: 18.10.2025
ಅಲ್ಪಾವಧಿ ಟೆಂಡರ್ ಪ್ರಕಟಣೆ

2025–26 ನೇ ಸಾಲಿನ ಮಹಾತ್ಮ ಗಾಂಧಿ ರಾಷ್ಟ್ರೀಯ ಗ್ರಾಮೀಣ ಉದ್ಯೋಗ ಖಾತರಿ ಯೋಜನೆಯಡಿಯಲ್ಲಿ ಅನುಷ್ಠಾನಗೊಳ್ಳುವ ಉದ್ದೇಶಿಸಿರುವ ಕಾಮಗಾರಿಗಳಿಗೆ ಅಗತ್ಯವಿರುವ ಸಾಮಗ್ರಿಗಳನ್ನು ಸರಬರಾಜು ಮಾಡುವ ಸಂಬಂಧ ಇ–ಪೋರ್ಟಲ್‌ನ ಜಾಲತಾಣದಲ್ಲಿ (Two Cover Bid) ಇ–ಟೆಂಡರ್‌ಅನ್ನು ಆಹ್ವಾನಿಸಲಾಗಿದೆ. ಆಸಕ್ತ ಸರಬರಾಜುದಾರರು ಅರ್ಜಿ ಸಲ್ಲಿಸುವ ವಿವರ ಮತ್ತು ವೇಳಾಪಟ್ಟಿ ಈ ಕೆಳಗಿನಂತಿದೆ.

ವಿಷಯ: ಇ–ಟೆಂಡರ್ ಪ್ರಕಟಣೆ ಅಧಿಸೂಚನೆ ಸಂಖ್ಯೆ: RDPR/2025-26/IND11997. ಇ–ಪ್ರೊಕ್ಯೂರ್‌ಮೆಂಟ್‌ನಲ್ಲಿ ಅರ್ಜಿ ಸಲ್ಲಿಸುವ ಅವಧಿ ದಿನಾಂಕ: 27.10.2025 ರಿಂದ ದಿನಾಂಕ: 14.11.2025 ಸಂಜೆ 4:00ರ ವರೆಗೆ ಟೆಂಡರ್ ಬಿಡ್ ತೆರೆಯುವ ದಿನಾಂಕ: 16.11.2025.

ಅರ್ಜಿ ಸಲ್ಲಿಸಲು ವೆಬ್ ಸೈಟ್ https://kppp.karnataka.gov.in ಸಂಪರ್ಕಿಸಬಹುದಾಗಿದೆ. ಟೆಂಡರ್‌ನ ಹೆಚ್ಚಿನ ಮಾಹಿತಿಗಾಗಿ ಕಛೇರಿ ವೇಳೆಯಲ್ಲಿ ಸಂಬಂಧಪಟ್ಟ ಗ್ರಾಮ ಪಂಚಾಯತಿಯ ಪಂಚಾಯಿತಿ ಅಭಿವೃದ್ಧಿ ಅಧಿಕಾರಿ ಇವರನ್ನು ಸಂಪರ್ಕಿಸಬಹುದಾಗಿದೆ.

ಸಹಿ/–ಪಂಚಾಯಿತಿ ಅಭಿವೃದ್ಧಿ ಅಧಿಕಾರಿ ಗ್ರಾಮ ಪಂಚಾಯಿತಿ, ದರೋಜಿ.
ಡಿಐಪಿಆರ್/ಬಳ್ಳಾರಿ/587/ಕೆಎಸ್‌ಎಂಸಿಎ/2025–26
Suvarna vaahini Kannada Daily, Owner/Editor : V.Ravi, Published at: ( Responsible for selection of news under the PRB Act), Printed :V.Ravi,
Publication: SHREE SHAILA PRINTERS, opp.Eranna Gudi Road,Eslampura,Gangavathi - 581227. Koppal Dist.Karnataka. RNI NO: KARKAN/2022/82651
